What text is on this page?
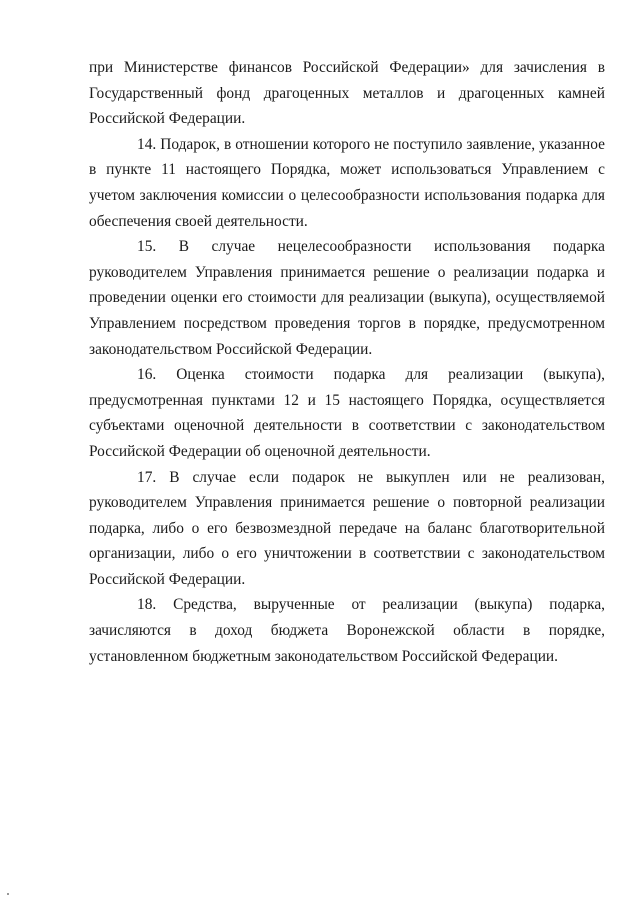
при Министерстве финансов Российской Федерации» для зачисления в Государственный фонд драгоценных металлов и драгоценных камней Российской Федерации.

14. Подарок, в отношении которого не поступило заявление, указанное в пункте 11 настоящего Порядка, может использоваться Управлением с учетом заключения комиссии о целесообразности использования подарка для обеспечения своей деятельности.

15. В случае нецелесообразности использования подарка руководителем Управления принимается решение о реализации подарка и проведении оценки его стоимости для реализации (выкупа), осуществляемой Управлением посредством проведения торгов в порядке, предусмотренном законодательством Российской Федерации.

16. Оценка стоимости подарка для реализации (выкупа), предусмотренная пунктами 12 и 15 настоящего Порядка, осуществляется субъектами оценочной деятельности в соответствии с законодательством Российской Федерации об оценочной деятельности.

17. В случае если подарок не выкуплен или не реализован, руководителем Управления принимается решение о повторной реализации подарка, либо о его безвозмездной передаче на баланс благотворительной организации, либо о его уничтожении в соответствии с законодательством Российской Федерации.

18. Средства, вырученные от реализации (выкупа) подарка, зачисляются в доход бюджета Воронежской области в порядке, установленном бюджетным законодательством Российской Федерации.
